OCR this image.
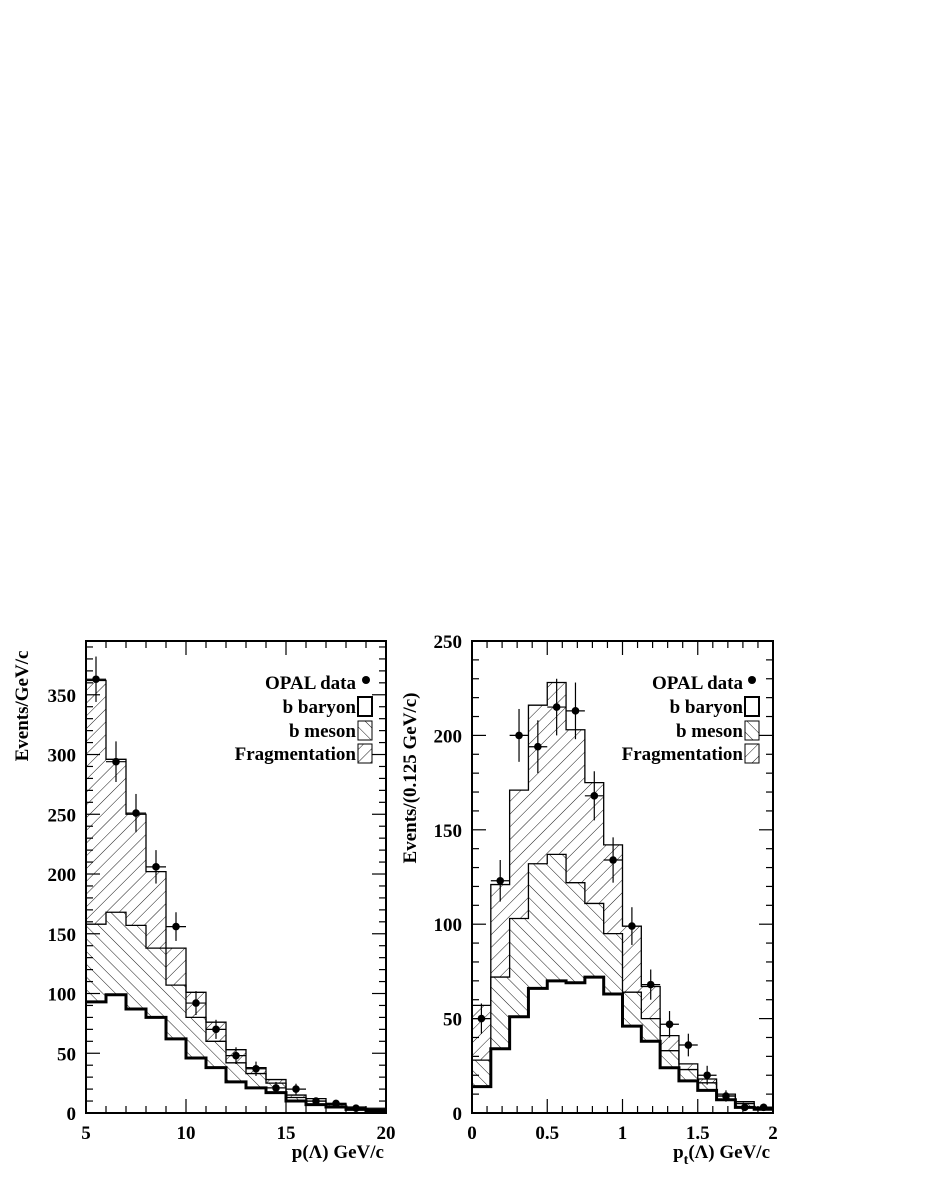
5	10	15	20
0
50
100
150
200
250
300
350
Events/GeV/c
p(Λ) GeV/c
OPAL data
b baryon
b meson
Fragmentation
0	0.5	1	1.5	2
0
50
100
150
200
250
Events/(0.125 GeV/c)
$p_t(\Lambda)$ GeV/c
OPAL data
b baryon
b meson
Fragmentation
